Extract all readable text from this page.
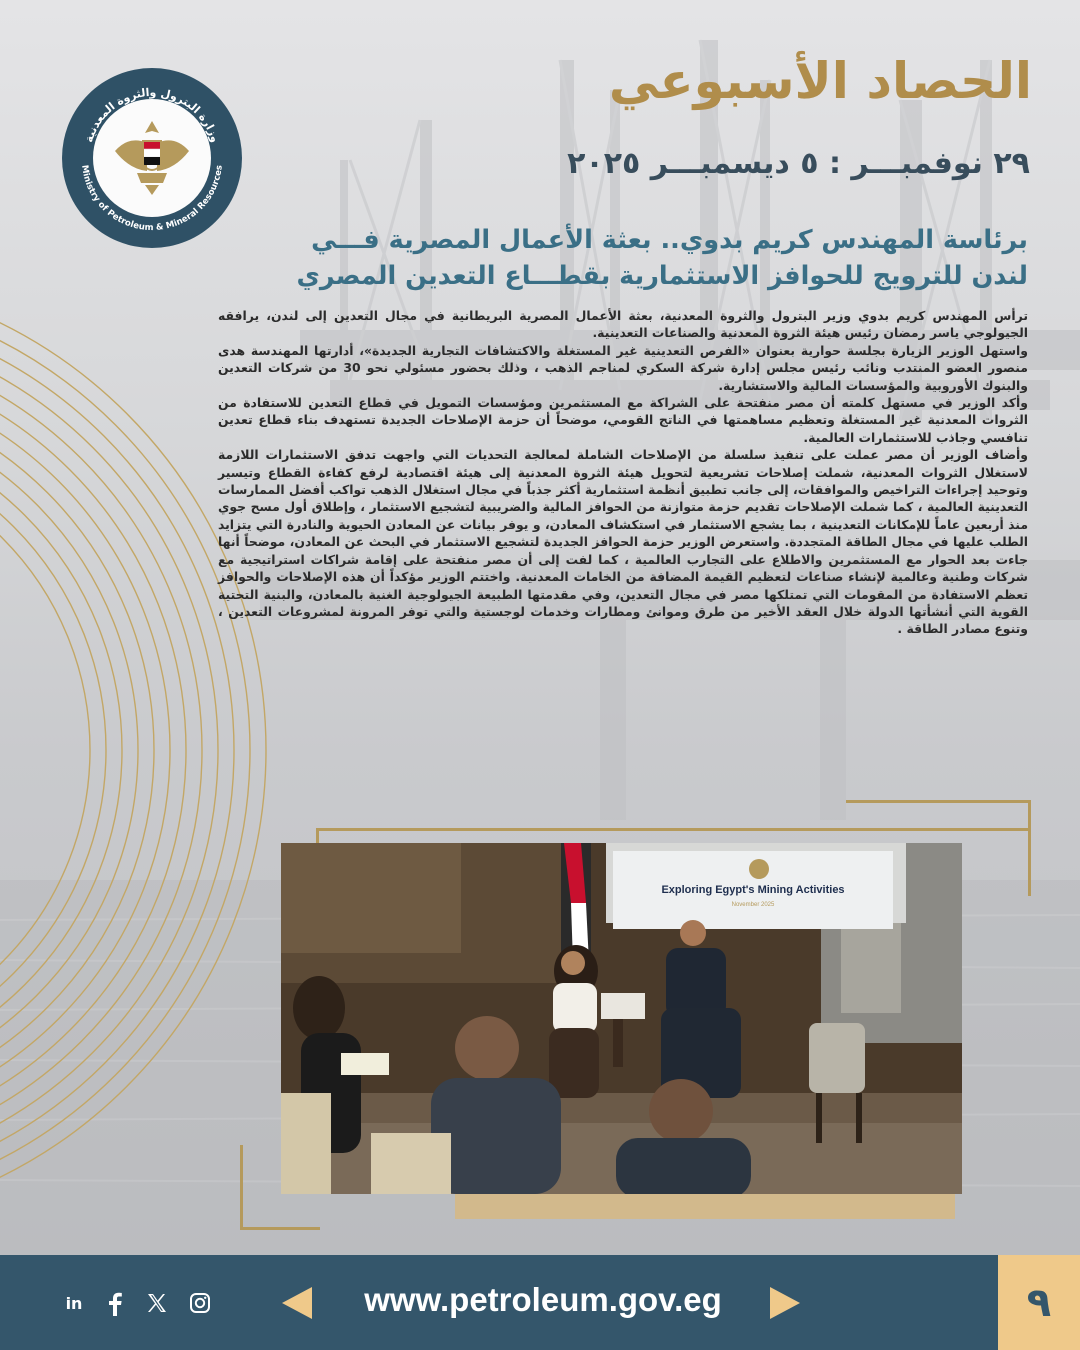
وزارة البترول والثروة المعدنية
Ministry of Petroleum & Mineral Resources
الحصاد الأسبوعي
٢٩ نوفمبـــر : ٥ ديسمبـــر ٢٠٢٥
برئاسة المهندس كريم بدوي.. بعثة الأعمال المصرية فـــي لندن للترويج للحوافز الاستثمارية بقطـــاع التعدين المصري

ترأس المهندس كريم بدوي وزير البترول والثروة المعدنية، بعثة الأعمال المصرية البريطانية في مجال التعدين إلى لندن، يرافقه الجيولوجي ياسر رمضان رئيس هيئة الثروة المعدنية والصناعات التعدينية.
واستهل الوزير الزيارة بجلسة حوارية بعنوان «الفرص التعدينية غير المستغلة والاكتشافات التجارية الجديدة»، أدارتها المهندسة هدى منصور العضو المنتدب ونائب رئيس مجلس إدارة شركة السكري لمناجم الذهب ، وذلك بحضور مسئولي نحو 30 من شركات التعدين والبنوك الأوروبية والمؤسسات المالية والاستشارية.
وأكد الوزير في مستهل كلمته أن مصر منفتحة على الشراكة مع المستثمرين ومؤسسات التمويل في قطاع التعدين للاستفادة من الثروات المعدنية غير المستغلة وتعظيم مساهمتها في الناتج القومي، موضحاً أن حزمة الإصلاحات الجديدة تستهدف بناء قطاع تعدين تنافسي وجاذب للاستثمارات العالمية.
وأضاف الوزير أن مصر عملت على تنفيذ سلسلة من الإصلاحات الشاملة لمعالجة التحديات التي واجهت تدفق الاستثمارات اللازمة لاستغلال الثروات المعدنية، شملت إصلاحات تشريعية لتحويل هيئة الثروة المعدنية إلى هيئة اقتصادية لرفع كفاءة القطاع وتيسير وتوحيد إجراءات التراخيص والموافقات، إلى جانب تطبيق أنظمة استثمارية أكثر جذباً في مجال استغلال الذهب تواكب أفضل الممارسات التعدينية العالمية ، كما شملت الإصلاحات تقديم حزمة متوازنة من الحوافز المالية والضريبية لتشجيع الاستثمار ، وإطلاق أول مسح جوي منذ أربعين عاماً للإمكانات التعدينية ، بما يشجع الاستثمار في استكشاف المعادن، و يوفر بيانات عن المعادن الحيوية والنادرة التي يتزايد الطلب عليها في مجال الطاقة المتجددة. واستعرض الوزير حزمة الحوافز الجديدة لتشجيع الاستثمار في البحث عن المعادن، موضحاً أنها جاءت بعد الحوار مع المستثمرين والاطلاع على التجارب العالمية ، كما لفت إلى أن مصر منفتحة على إقامة شراكات استراتيجية مع شركات وطنية وعالمية لإنشاء صناعات لتعظيم القيمة المضافة من الخامات المعدنية. واختتم الوزير مؤكداً أن هذه الإصلاحات والحوافز تعظم الاستفادة من المقومات التي تمتلكها مصر في مجال التعدين، وفي مقدمتها الطبيعة الجيولوجية الغنية بالمعادن، والبنية التحتية القوية التي أنشأتها الدولة خلال العقد الأخير من طرق وموانئ ومطارات وخدمات لوجستية والتي توفر المرونة لمشروعات التعدين ، وتنوع مصادر الطاقة .

Exploring Egypt's Mining Activities
November 2025
in	www.petroleum.gov.eg	٩
